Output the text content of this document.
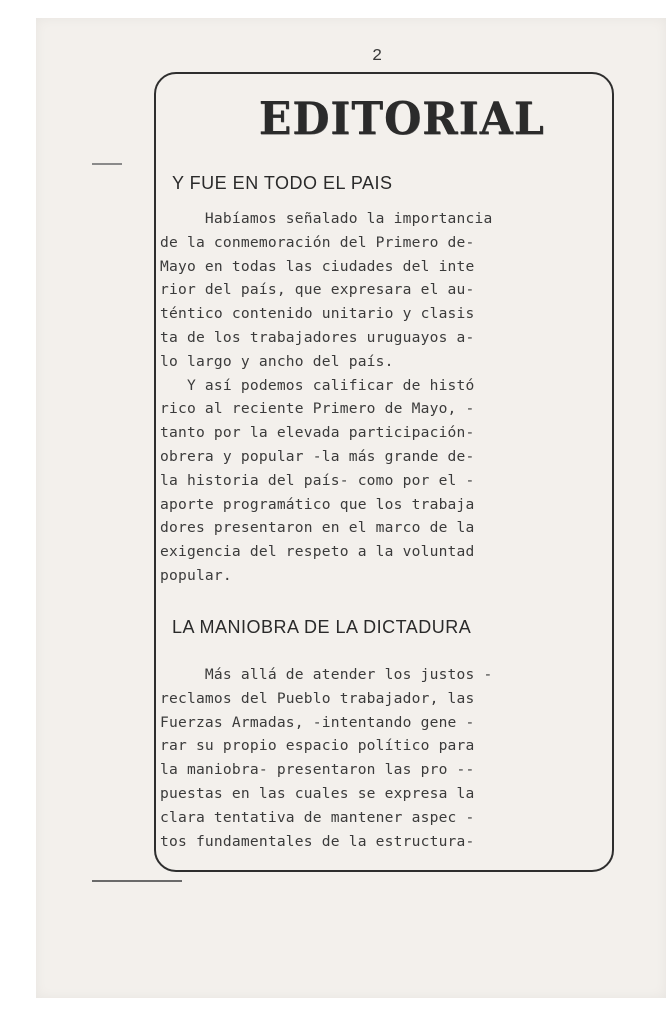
2
EDITORIAL
Y FUE EN TODO EL PAIS
Habíamos señalado la importancia
de la conmemoración del Primero de-
Mayo en todas las ciudades del inte
rior del país, que expresara el au-
téntico contenido unitario y clasis
ta de los trabajadores uruguayos a-
lo largo y ancho del país.
Y así podemos calificar de histó
rico al reciente Primero de Mayo, -
tanto por la elevada participación-
obrera y popular -la más grande de-
la historia del país- como por el -
aporte programático que los trabaja
dores presentaron en el marco de la
exigencia del respeto a la voluntad
popular.
LA MANIOBRA DE LA DICTADURA
Más allá de atender los justos -
reclamos del Pueblo trabajador, las
Fuerzas Armadas, -intentando gene -
rar su propio espacio político para
la maniobra- presentaron las pro --
puestas en las cuales se expresa la
clara tentativa de mantener aspec -
tos fundamentales de la estructura-
